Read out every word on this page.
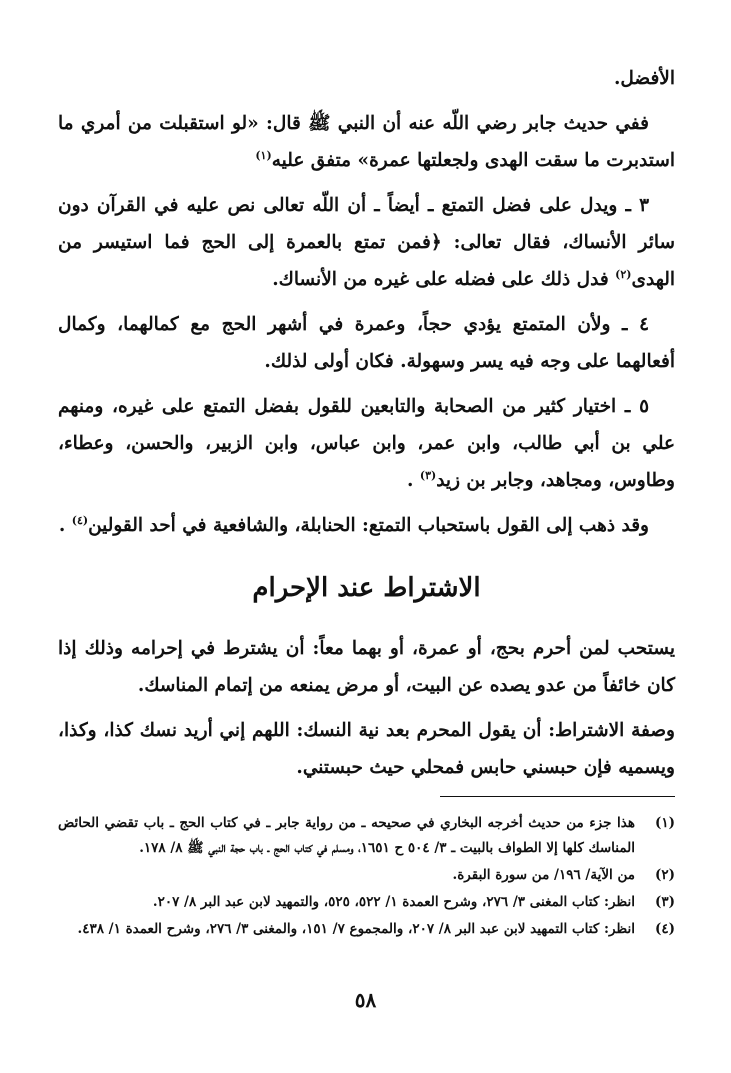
الأفضل.

ففي حديث جابر رضي اللّه عنه أن النبي ﷺ قال: «لو استقبلت من أمري ما استدبرت ما سقت الهدى ولجعلتها عمرة» متفق عليه$^{(١)}$

٣ ـ ويدل على فضل التمتع ـ أيضاً ـ أن اللّه تعالى نص عليه في القرآن دون سائر الأنساك، فقال تعالى: ﴿فمن تمتع بالعمرة إلى الحج فما استيسر من الهدى$^{(٢)}$ فدل ذلك على فضله على غيره من الأنساك.

٤ ـ ولأن المتمتع يؤدي حجاً، وعمرة في أشهر الحج مع كمالهما، وكمال أفعالهما على وجه فيه يسر وسهولة. فكان أولى لذلك.

٥ ـ اختيار كثير من الصحابة والتابعين للقول بفضل التمتع على غيره، ومنهم علي بن أبي طالب، وابن عمر، وابن عباس، وابن الزبير، والحسن، وعطاء، وطاوس، ومجاهد، وجابر بن زيد$^{(٣)}$ .

وقد ذهب إلى القول باستحباب التمتع: الحنابلة، والشافعية في أحد القولين$^{(٤)}$ .

الاشتراط عند الإحرام

يستحب لمن أحرم بحج، أو عمرة، أو بهما معاً: أن يشترط في إحرامه وذلك إذا كان خائفاً من عدو يصده عن البيت، أو مرض يمنعه من إتمام المناسك.

وصفة الاشتراط: أن يقول المحرم بعد نية النسك: اللهم إني أريد نسك كذا، وكذا، ويسميه فإن حبسني حابس فمحلي حيث حبستني.

(١)
هذا جزء من حديث أخرجه البخاري في صحيحه ـ من رواية جابر ـ في كتاب الحج ـ باب تقضي الحائض المناسك كلها إلا الطواف بالبيت ـ ٣/ ٥٠٤ ح ١٦٥١، ومسلم في كتاب الحج ـ باب حجة النبي ﷺ ٨/ ١٧٨.
(٢)
من الآية/ ١٩٦/ من سورة البقرة.
(٣)
انظر: كتاب المغنى ٣/ ٢٧٦، وشرح العمدة ١/ ٥٢٢، ٥٢٥، والتمهيد لابن عبد البر ٨/ ٢٠٧.
(٤)
انظر: كتاب التمهيد لابن عبد البر ٨/ ٢٠٧، والمجموع ٧/ ١٥١، والمغنى ٣/ ٢٧٦، وشرح العمدة ١/ ٤٣٨.
٥٨
